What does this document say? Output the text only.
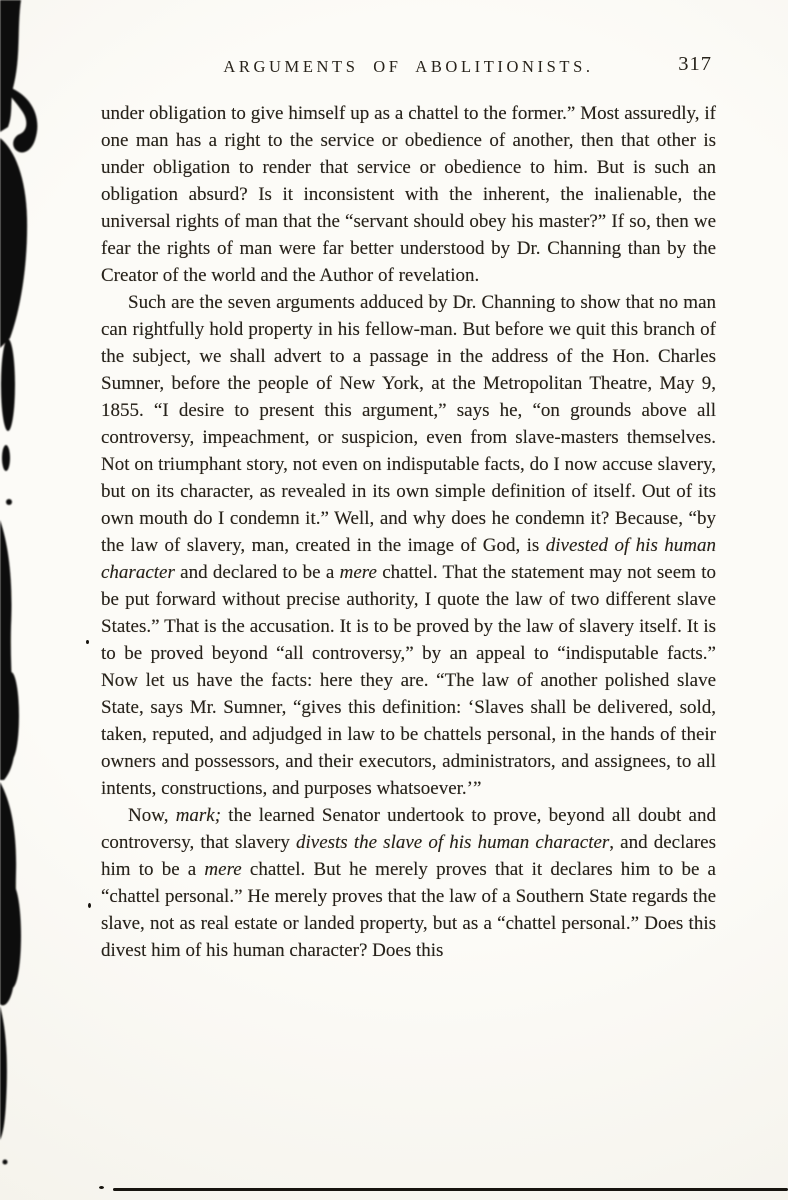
ARGUMENTS OF ABOLITIONISTS.	317

under obligation to give himself up as a chattel to the former.” Most assuredly, if one man has a right to the service or obedience of another, then that other is under obligation to render that service or obedience to him. But is such an obligation absurd? Is it inconsistent with the inherent, the inalienable, the universal rights of man that the “servant should obey his master?” If so, then we fear the rights of man were far better understood by Dr. Channing than by the Creator of the world and the Author of revelation.

Such are the seven arguments adduced by Dr. Channing to show that no man can rightfully hold property in his fellow-man. But before we quit this branch of the subject, we shall advert to a passage in the address of the Hon. Charles Sumner, before the people of New York, at the Metropolitan Theatre, May 9, 1855. “I desire to present this argument,” says he, “on grounds above all controversy, impeachment, or suspicion, even from slave-masters themselves. Not on triumphant story, not even on indisputable facts, do I now accuse slavery, but on its character, as revealed in its own simple definition of itself. Out of its own mouth do I condemn it.” Well, and why does he condemn it? Because, “by the law of slavery, man, created in the image of God, is divested of his human character and declared to be a mere chattel. That the statement may not seem to be put forward without precise authority, I quote the law of two different slave States.” That is the accusation. It is to be proved by the law of slavery itself. It is to be proved beyond “all controversy,” by an appeal to “indisputable facts.” Now let us have the facts: here they are. “The law of another polished slave State, says Mr. Sumner, “gives this definition: ‘Slaves shall be delivered, sold, taken, reputed, and adjudged in law to be chattels personal, in the hands of their owners and possessors, and their executors, administrators, and assignees, to all intents, constructions, and purposes whatsoever.’”

Now, mark; the learned Senator undertook to prove, beyond all doubt and controversy, that slavery divests the slave of his human character, and declares him to be a mere chattel. But he merely proves that it declares him to be a “chattel personal.” He merely proves that the law of a Southern State regards the slave, not as real estate or landed property, but as a “chattel personal.” Does this divest him of his human character? Does this
